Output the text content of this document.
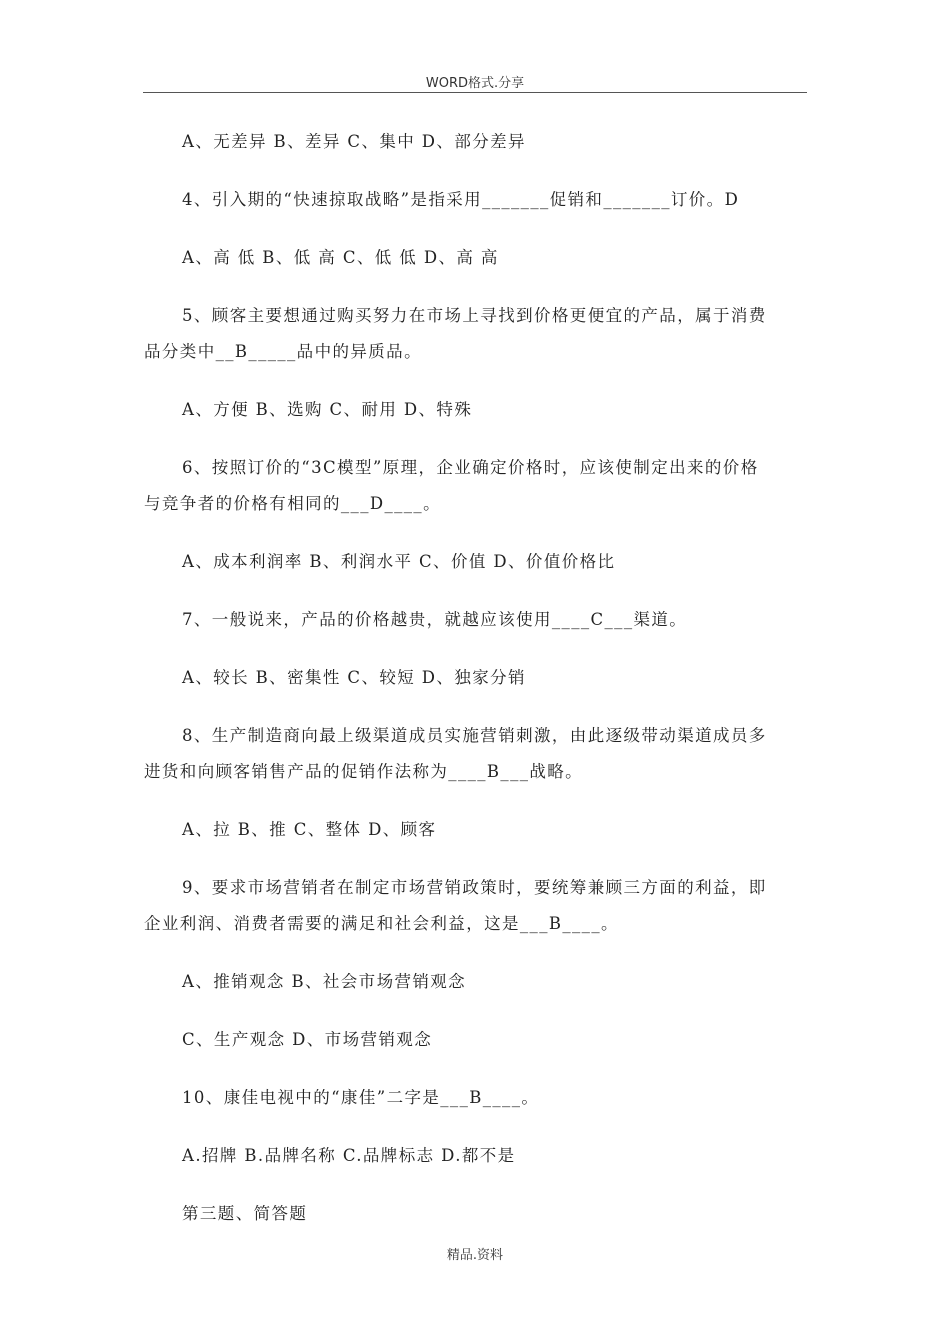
WORD格式.分享
A、无差异 B、差异 C、集中 D、部分差异
4、引入期的“快速掠取战略”是指采用_______促销和_______订价。D
A、高 低 B、低 高 C、低 低 D、高 高
5、顾客主要想通过购买努力在市场上寻找到价格更便宜的产品，属于消费
品分类中__B_____品中的异质品。
A、方便 B、选购 C、耐用 D、特殊
6、按照订价的“3C模型”原理，企业确定价格时，应该使制定出来的价格
与竞争者的价格有相同的___D____。
A、成本利润率 B、利润水平 C、价值 D、价值价格比
7、一般说来，产品的价格越贵，就越应该使用____C___渠道。
A、较长 B、密集性 C、较短 D、独家分销
8、生产制造商向最上级渠道成员实施营销刺激，由此逐级带动渠道成员多
进货和向顾客销售产品的促销作法称为____B___战略。
A、拉 B、推 C、整体 D、顾客
9、要求市场营销者在制定市场营销政策时，要统筹兼顾三方面的利益，即
企业利润、消费者需要的满足和社会利益，这是___B____。
A、推销观念 B、社会市场营销观念
C、生产观念 D、市场营销观念
10、康佳电视中的“康佳”二字是___B____。
A.招牌 B.品牌名称 C.品牌标志 D.都不是
第三题、简答题
精品.资料
